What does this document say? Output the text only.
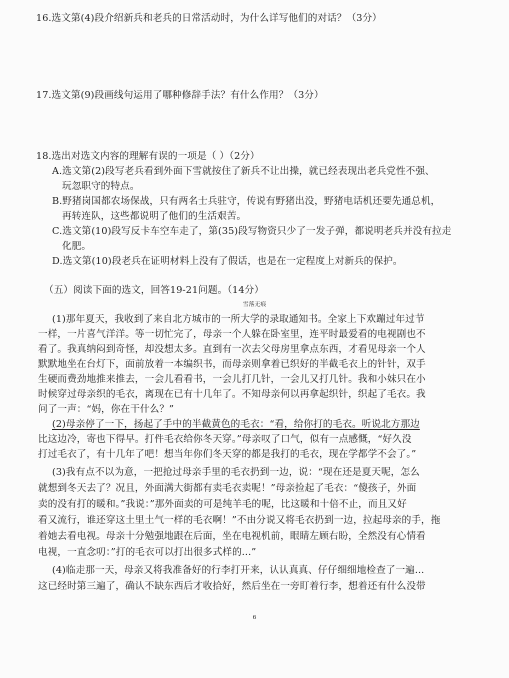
16.选文第(4)段介绍新兵和老兵的日常活动时，为什么详写他们的对话？（3分）
17.选文第(9)段画线句运用了哪种修辞手法？有什么作用？（3分）
18.选出对选文内容的理解有误的一项是（ ）（2分）
A.选文第(2)段写老兵看到外面下雪就按住了新兵不让出操，就已经表现出老兵党性不强、
玩忽职守的特点。
B.野猪岗国都农场保战，只有两名士兵驻守，传说有野猪出没，野猪电话机还要先通总机，
再转连队，这些都说明了他们的生活艰苦。
C.选文第(10)段写反卡车空车走了，第(35)段写物资只少了一发子弹，都说明老兵并没有拉走
化肥。
D.选文第(10)段老兵在证明材料上没有了假话，也是在一定程度上对新兵的保护。
（五）阅读下面的选文，回答19-21问题。（14分）
雪落无痕
(1)那年夏天，我收到了来自北方城市的一所大学的录取通知书。全家上下欢蹦过年过节
一样，一片喜气洋洋。等一切忙完了，母亲一个人躲在卧室里，连平时最爱看的电视剧也不
看了。我真纳闷到奇怪，却没想太多。直到有一次去父母房里拿点东西，才看见母亲一个人
默默地坐在台灯下，面前放着一本编织书，而母亲则拿着已织好的半截毛衣上的针针，双手
生硬而费劲地推来推去，一会儿看看书，一会儿打几针，一会儿又打几针。我和小妹只在小
时候穿过母亲织的毛衣，离现在已有十几年了。不知母亲何以再拿起织针，织起了毛衣。我
问了一声：“妈，你在干什么？”
(2)母亲停了一下，扬起了手中的半截黄色的毛衣：“看，给你打的毛衣。听说北方那边
比这边冷，寄也下得早。打件毛衣给你冬天穿。”母亲叹了口气，似有一点感慨，“好久没
打过毛衣了，有十几年了吧！想当年你们冬天穿的都是我打的毛衣，现在学都学不会了。”
(3)我有点不以为意，一把抢过母亲手里的毛衣扔到一边，说：“现在还是夏天呢，怎么
就想到冬天去了？况且，外面满大街都有卖毛衣卖呢！”母亲捡起了毛衣：“傻孩子，外面
卖的没有打的暖和。”我说：”那外面卖的可是纯羊毛的呢，比这暖和十倍不止，而且又好
看又流行，谁还穿这土里土气一样的毛衣啊！”不由分说又将毛衣扔到一边，拉起母亲的手，拖
着她去看电视。母亲十分勉强地跟在后面，坐在电视机前，眼睛左顾右盼，全然没有心情看
电视，一直念叨：”打的毛衣可以打出很多式样的...”
(4)临走那一天，母亲又将我准备好的行李打开来，认认真真、仔仔细细地检查了一遍...
这已经时第三遍了，确认不缺东西后才收拾好，然后坐在一旁盯着行李，想着还有什么没带
6
